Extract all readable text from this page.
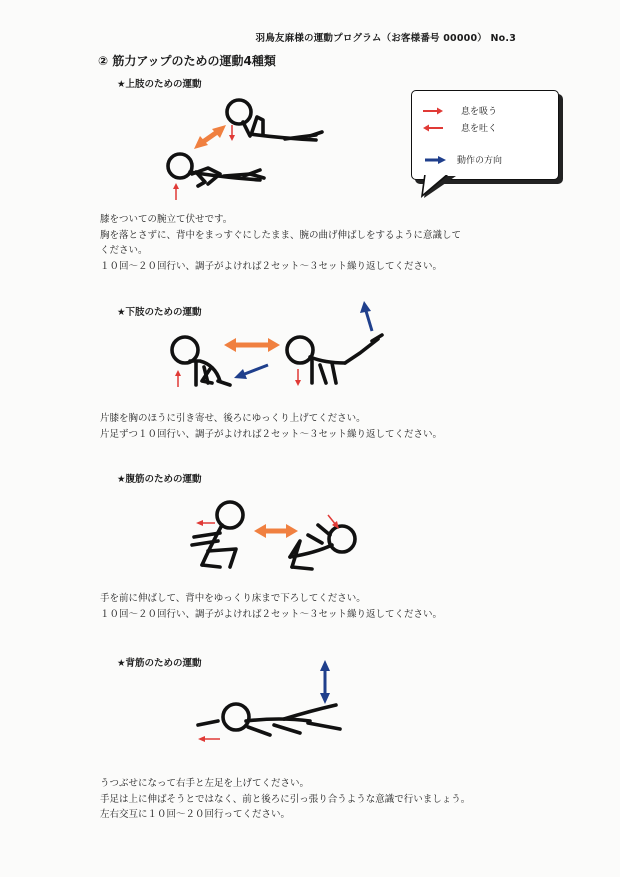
羽鳥友麻様の運動プログラム（お客様番号 00000） No.3
② 筋力アップのための運動4種類
息を吸う
息を吐く
動作の方向
★上肢のための運動
膝をついての腕立て伏せです。
胸を落とさずに、背中をまっすぐにしたまま、腕の曲げ伸ばしをするように意識して
ください。
１０回～２０回行い、調子がよければ２セット～３セット繰り返してください。
★下肢のための運動
片膝を胸のほうに引き寄せ、後ろにゆっくり上げてください。
片足ずつ１０回行い、調子がよければ２セット～３セット繰り返してください。
★腹筋のための運動
手を前に伸ばして、背中をゆっくり床まで下ろしてください。
１０回～２０回行い、調子がよければ２セット～３セット繰り返してください。
★背筋のための運動
うつぶせになって右手と左足を上げてください。
手足は上に伸ばそうとではなく、前と後ろに引っ張り合うような意識で行いましょう。
左右交互に１０回～２０回行ってください。
